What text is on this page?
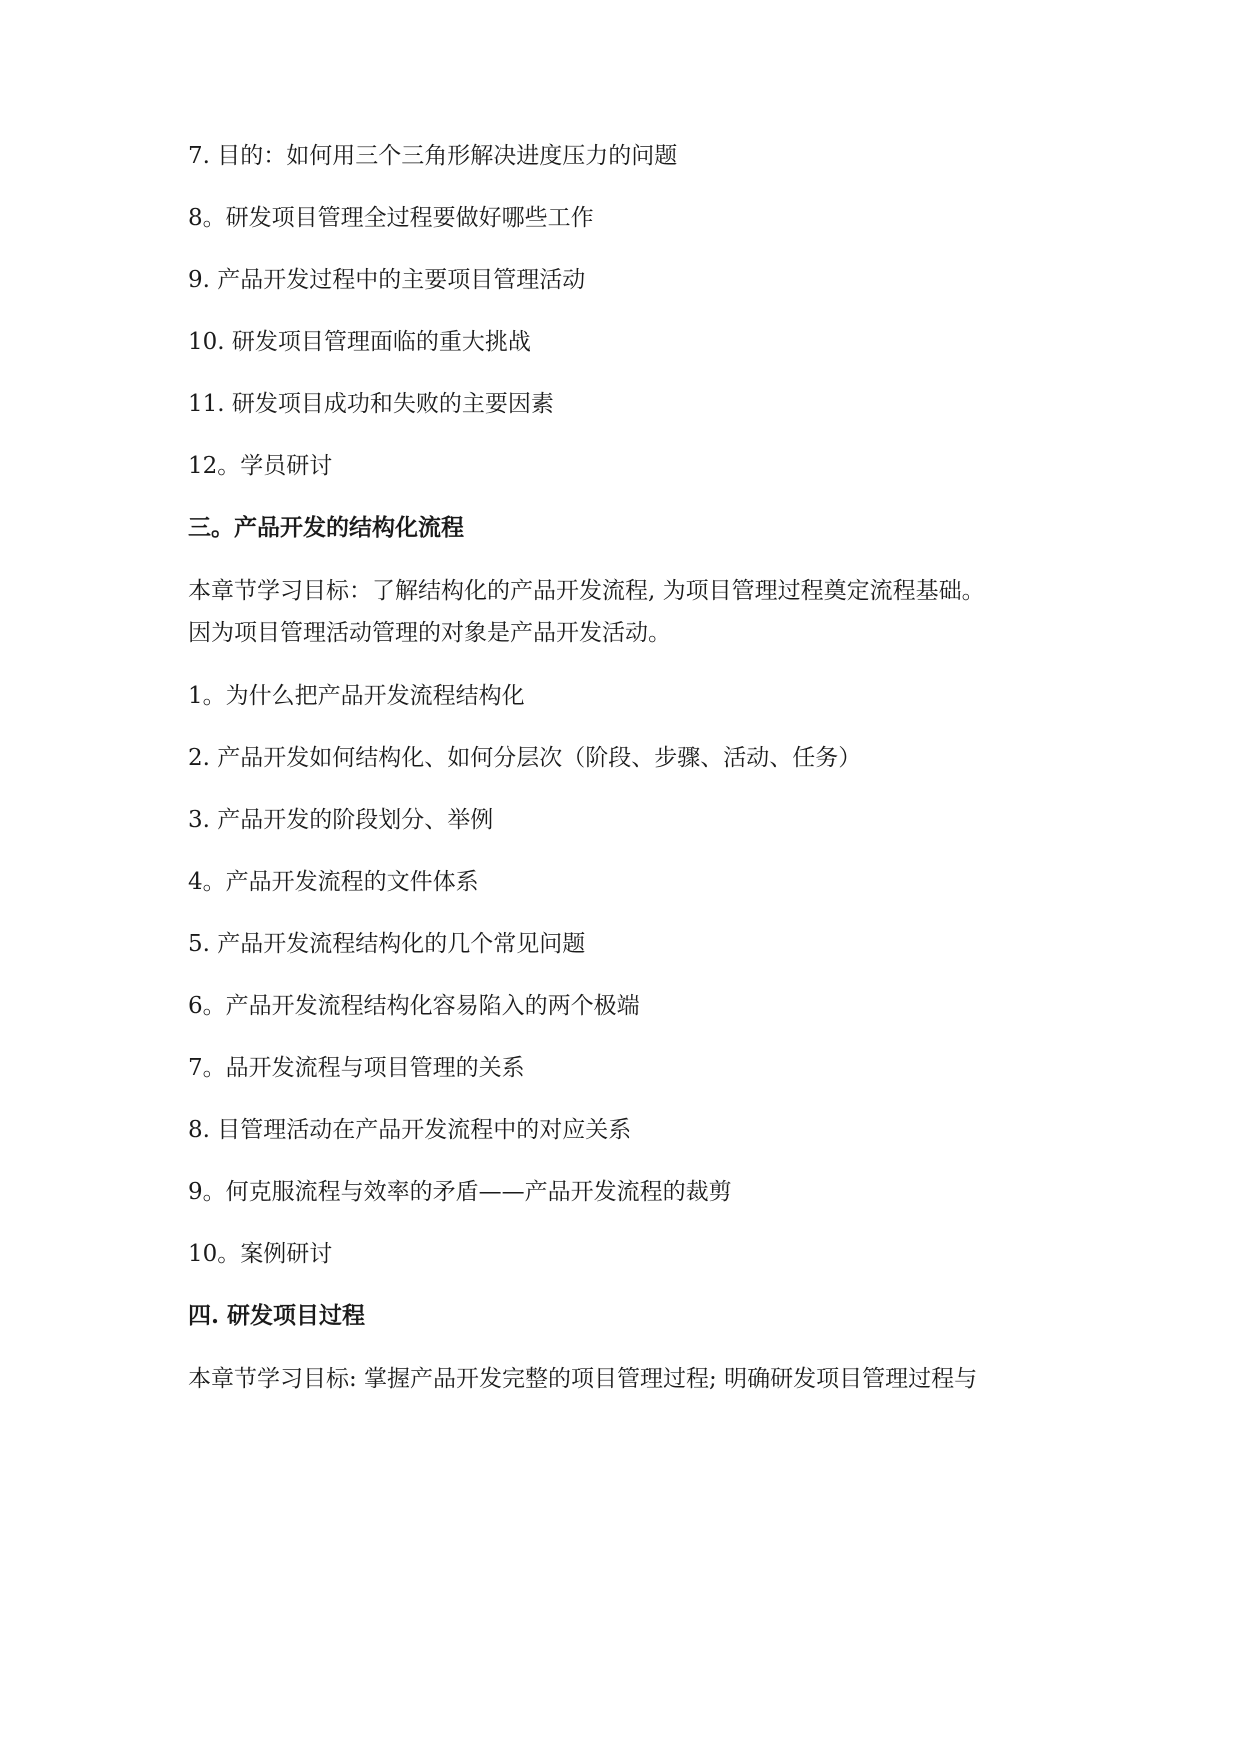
7. 目的：如何用三个三角形解决进度压力的问题
8。研发项目管理全过程要做好哪些工作
9. 产品开发过程中的主要项目管理活动
10. 研发项目管理面临的重大挑战
11. 研发项目成功和失败的主要因素
12。学员研讨
三。产品开发的结构化流程
本章节学习目标：了解结构化的产品开发流程, 为项目管理过程奠定流程基础。
因为项目管理活动管理的对象是产品开发活动。
1。为什么把产品开发流程结构化
2. 产品开发如何结构化、如何分层次（阶段、步骤、活动、任务）
3. 产品开发的阶段划分、举例
4。产品开发流程的文件体系
5. 产品开发流程结构化的几个常见问题
6。产品开发流程结构化容易陷入的两个极端
7。品开发流程与项目管理的关系
8. 目管理活动在产品开发流程中的对应关系
9。何克服流程与效率的矛盾——产品开发流程的裁剪
10。案例研讨
四. 研发项目过程
本章节学习目标: 掌握产品开发完整的项目管理过程; 明确研发项目管理过程与
